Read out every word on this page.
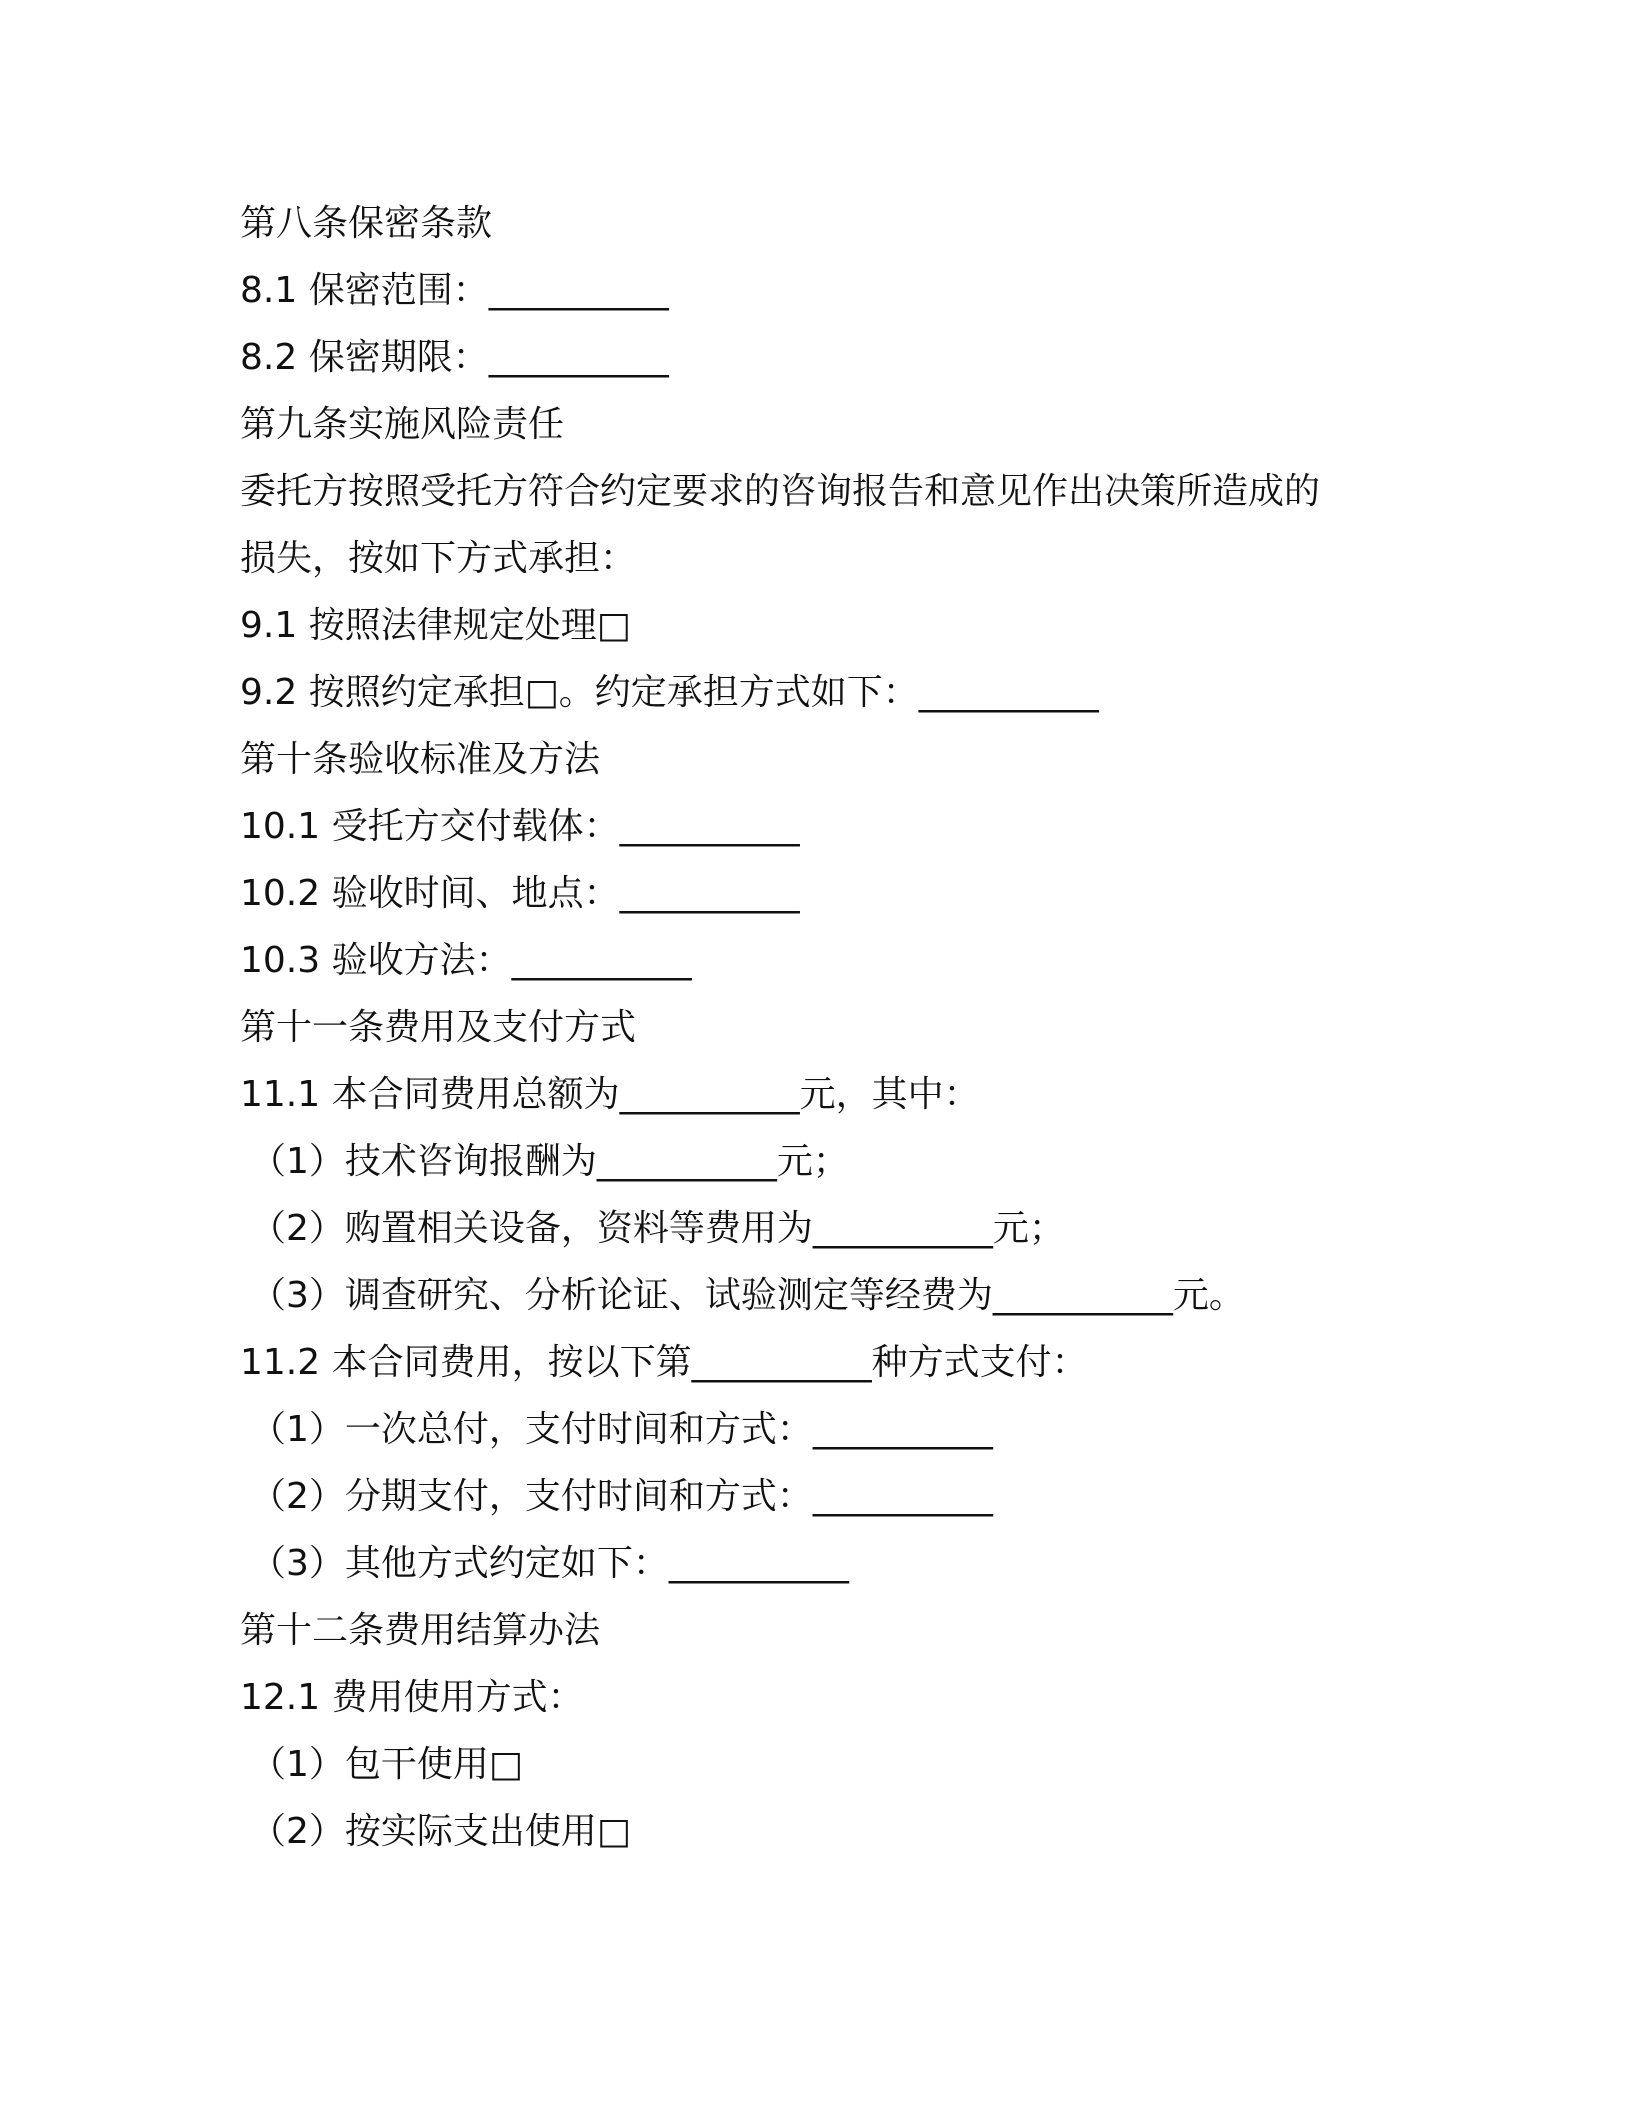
第八条保密条款
8.1 保密范围：__________
8.2 保密期限：__________
第九条实施风险责任
委托方按照受托方符合约定要求的咨询报告和意见作出决策所造成的
损失，按如下方式承担：
9.1 按照法律规定处理□
9.2 按照约定承担□。约定承担方式如下：__________
第十条验收标准及方法
10.1 受托方交付载体：__________
10.2 验收时间、地点：__________
10.3 验收方法：__________
第十一条费用及支付方式
11.1 本合同费用总额为__________元，其中：
（1）技术咨询报酬为__________元；
（2）购置相关设备，资料等费用为__________元；
（3）调查研究、分析论证、试验测定等经费为__________元。
11.2 本合同费用，按以下第__________种方式支付：
（1）一次总付，支付时间和方式：__________
（2）分期支付，支付时间和方式：__________
（3）其他方式约定如下：__________
第十二条费用结算办法
12.1 费用使用方式：
（1）包干使用□
（2）按实际支出使用□
